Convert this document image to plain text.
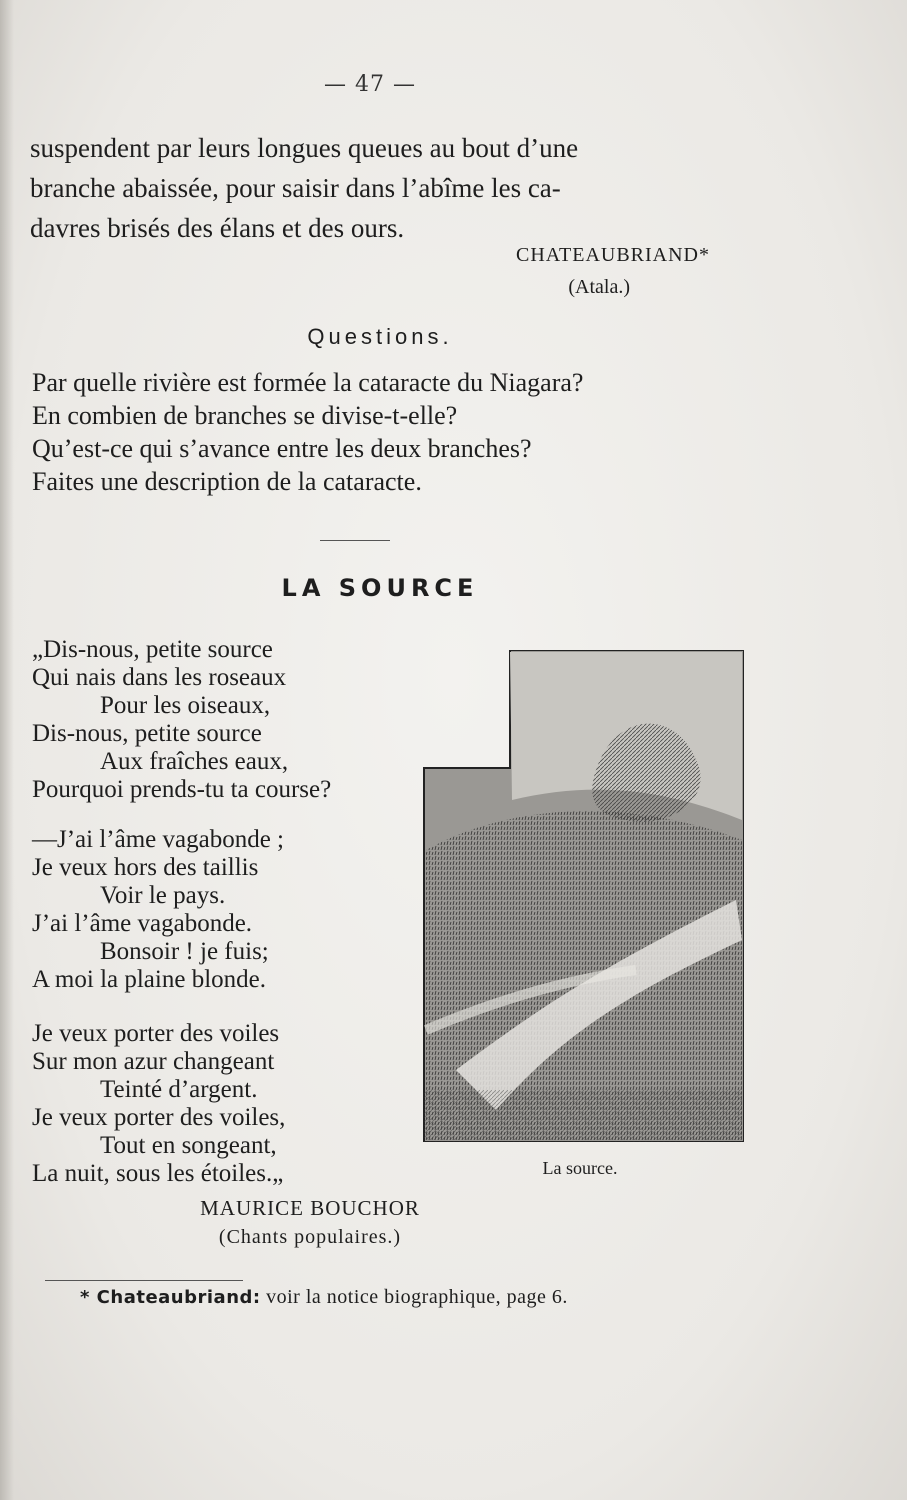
— 47 —

suspendent par leurs longues queues au bout d’une

branche abaissée, pour saisir dans l’abîme les ca-

davres brisés des élans et des ours.

CHATEAUBRIAND*
(Atala.)
Questions.
Par quelle rivière est formée la cataracte du Niagara?
En combien de branches se divise-t-elle?
Qu’est-ce qui s’avance entre les deux branches?
Faites une description de la cataracte.
LA SOURCE
„Dis-nous, petite source
Qui nais dans les roseaux
Pour les oiseaux,
Dis-nous, petite source
Aux fraîches eaux,
Pourquoi prends-tu ta course?
—J’ai l’âme vagabonde ;
Je veux hors des taillis
Voir le pays.
J’ai l’âme vagabonde.
Bonsoir ! je fuis;
A moi la plaine blonde.
Je veux porter des voiles
Sur mon azur changeant
Teinté d’argent.
Je veux porter des voiles,
Tout en songeant,
La nuit, sous les étoiles.„
MAURICE BOUCHOR
(Chants populaires.)
La source.
* Chateaubriand: voir la notice biographique, page 6.
